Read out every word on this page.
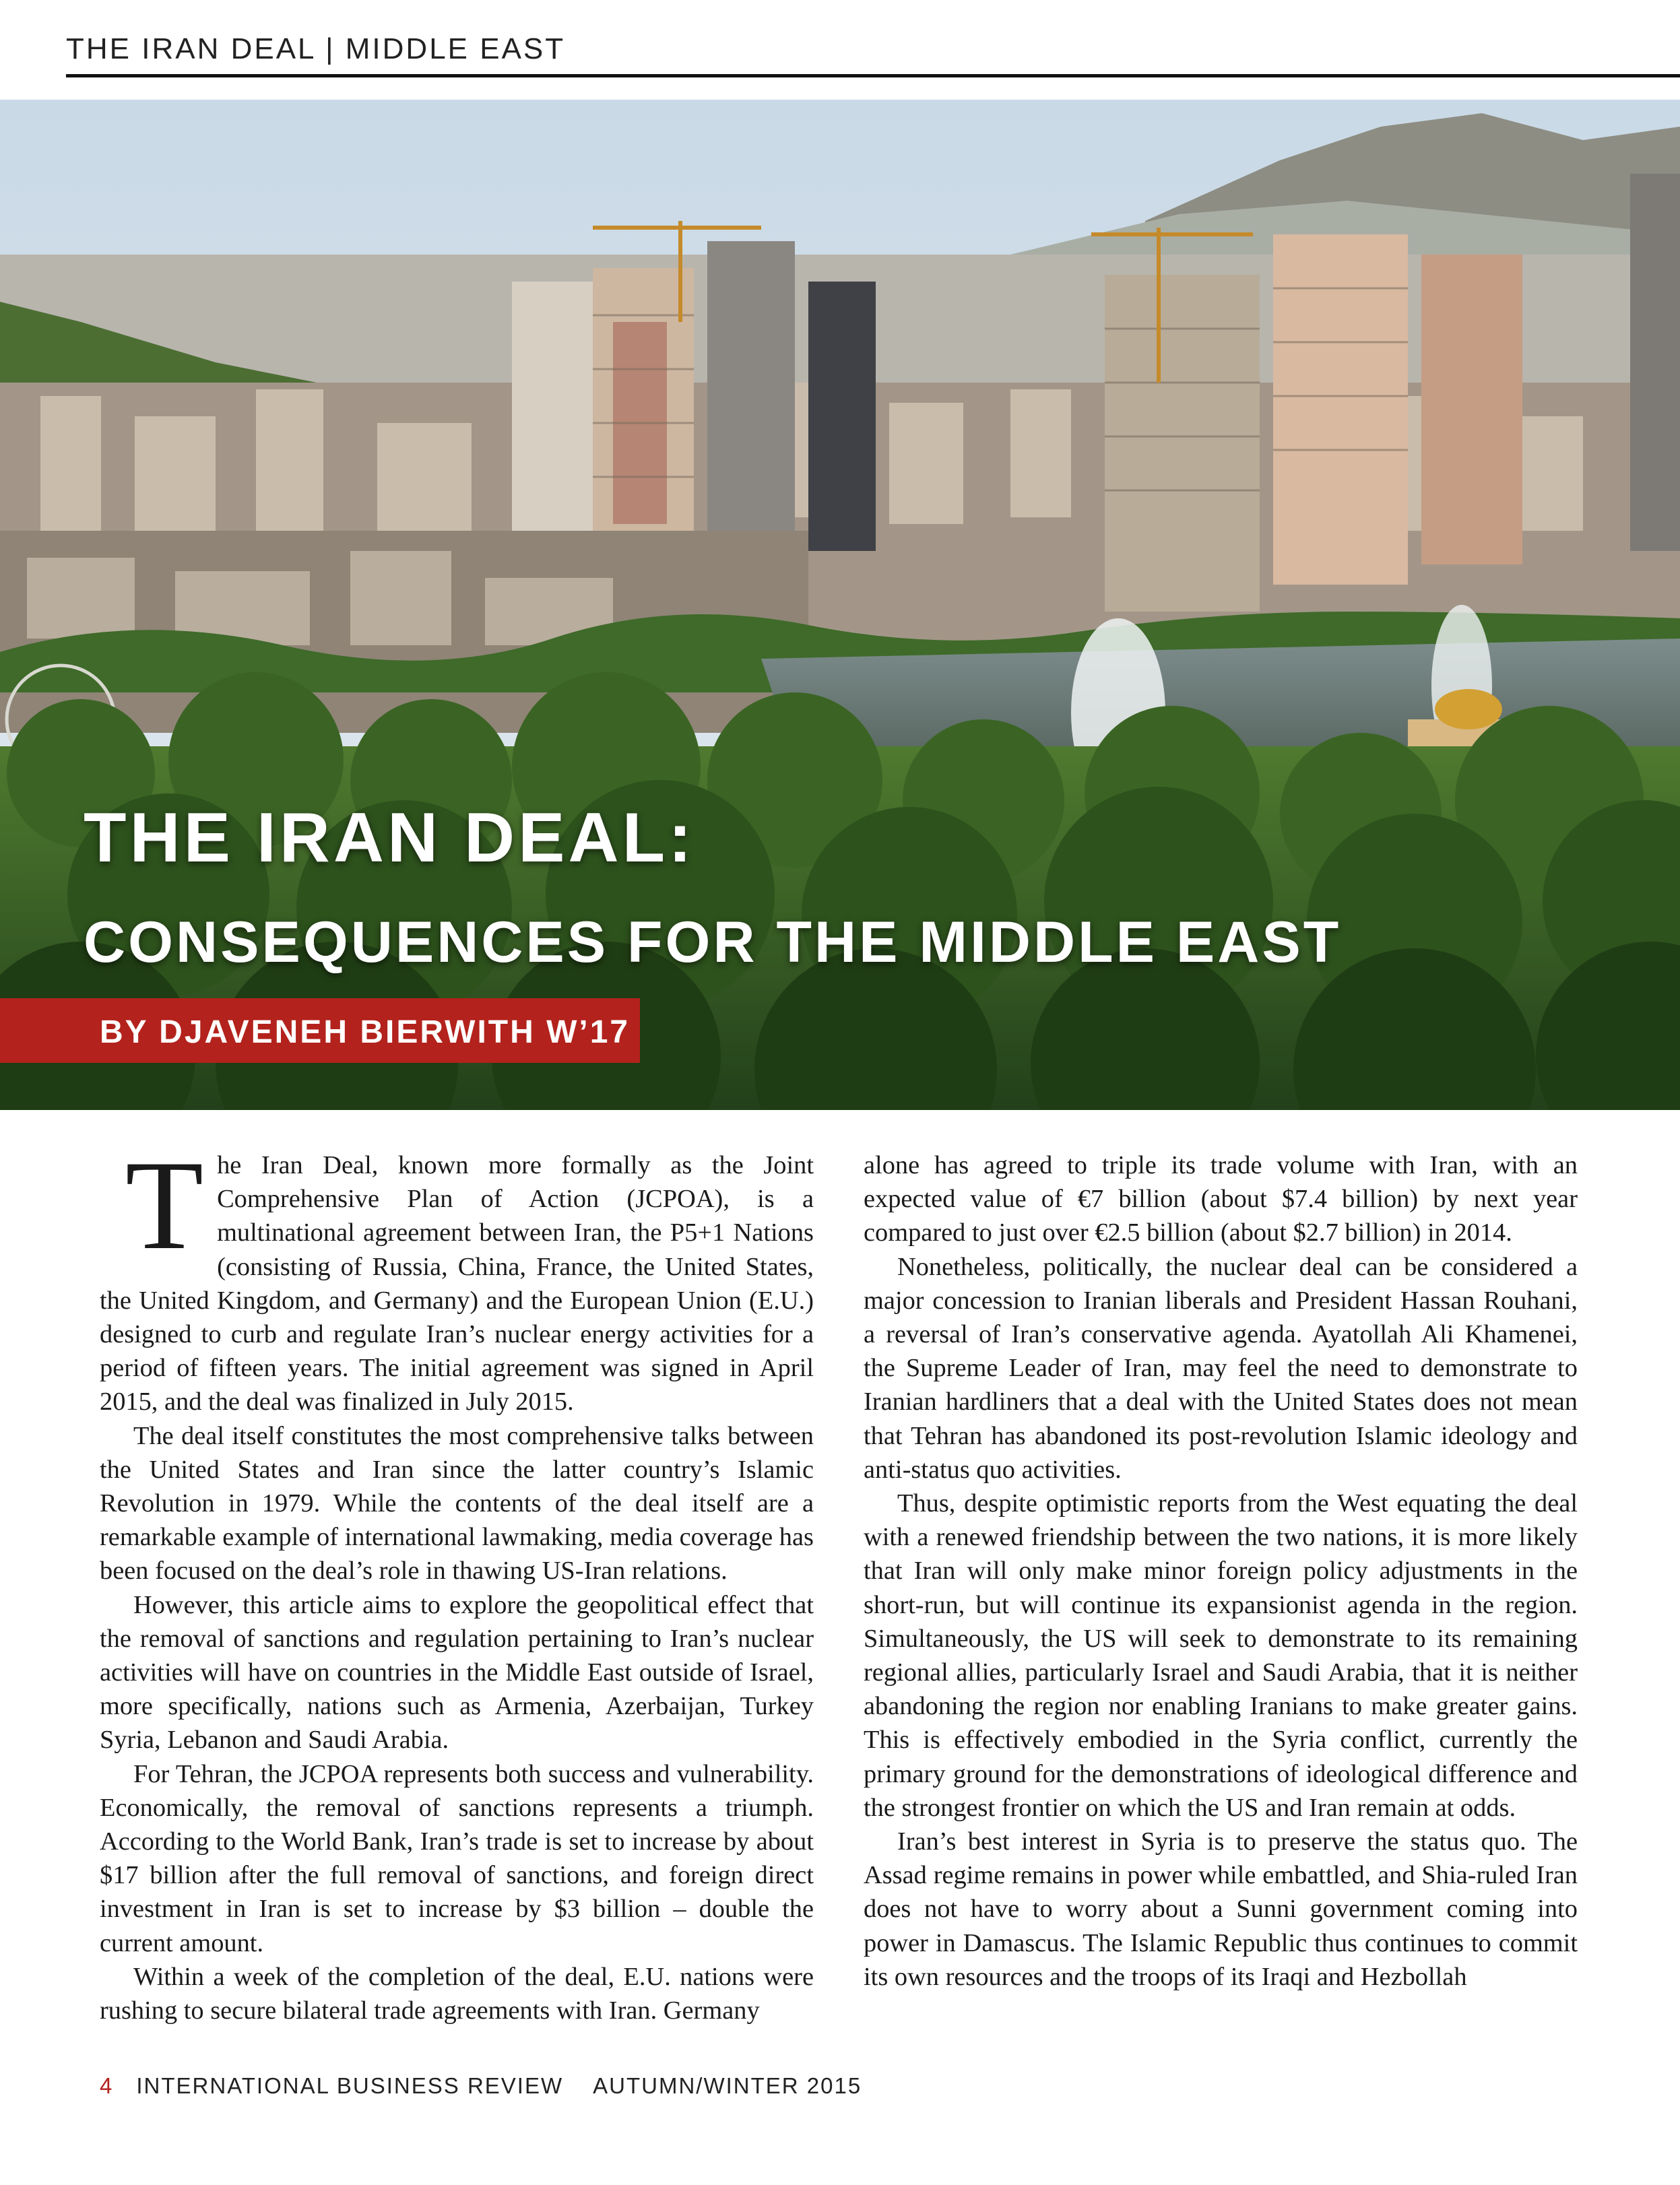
THE IRAN DEAL | MIDDLE EAST
THE IRAN DEAL:
CONSEQUENCES FOR THE MIDDLE EAST
BY DJAVENEH BIERWITH W’17

The Iran Deal, known more formally as the Joint Comprehensive Plan of Action (JCPOA), is a multinational agreement between Iran, the P5+1 Nations (consisting of Russia, China, France, the United States, the United Kingdom, and Germany) and the European Union (E.U.) designed to curb and regulate Iran’s nuclear energy activities for a period of fifteen years. The initial agreement was signed in April 2015, and the deal was finalized in July 2015.

The deal itself constitutes the most comprehensive talks between the United States and Iran since the latter country’s Islamic Revolution in 1979. While the contents of the deal itself are a remarkable example of international lawmaking, media coverage has been focused on the deal’s role in thawing US-Iran relations.

However, this article aims to explore the geopolitical effect that the removal of sanctions and regulation pertaining to Iran’s nuclear activities will have on countries in the Middle East outside of Israel, more specifically, nations such as Armenia, Azerbaijan, Turkey Syria, Lebanon and Saudi Arabia.

For Tehran, the JCPOA represents both success and vulnerability. Economically, the removal of sanctions represents a triumph. According to the World Bank, Iran’s trade is set to increase by about $17 billion after the full removal of sanctions, and foreign direct investment in Iran is set to increase by $3 billion – double the current amount.

Within a week of the completion of the deal, E.U. nations were rushing to secure bilateral trade agreements with Iran. Germany

alone has agreed to triple its trade volume with Iran, with an expected value of €7 billion (about $7.4 billion) by next year compared to just over €2.5 billion (about $2.7 billion) in 2014.

Nonetheless, politically, the nuclear deal can be considered a major concession to Iranian liberals and President Hassan Rouhani, a reversal of Iran’s conservative agenda. Ayatollah Ali Khamenei, the Supreme Leader of Iran, may feel the need to demonstrate to Iranian hardliners that a deal with the United States does not mean that Tehran has abandoned its post-revolution Islamic ideology and anti-status quo activities.

Thus, despite optimistic reports from the West equating the deal with a renewed friendship between the two nations, it is more likely that Iran will only make minor foreign policy adjustments in the short-run, but will continue its expansionist agenda in the region. Simultaneously, the US will seek to demonstrate to its remaining regional allies, particularly Israel and Saudi Arabia, that it is neither abandoning the region nor enabling Iranians to make greater gains. This is effectively embodied in the Syria conflict, currently the primary ground for the demonstrations of ideological difference and the strongest frontier on which the US and Iran remain at odds.

Iran’s best interest in Syria is to preserve the status quo. The Assad regime remains in power while embattled, and Shia-ruled Iran does not have to worry about a Sunni government coming into power in Damascus. The Islamic Republic thus continues to commit its own resources and the troops of its Iraqi and Hezbollah

4 INTERNATIONAL BUSINESS REVIEW AUTUMN/WINTER 2015
